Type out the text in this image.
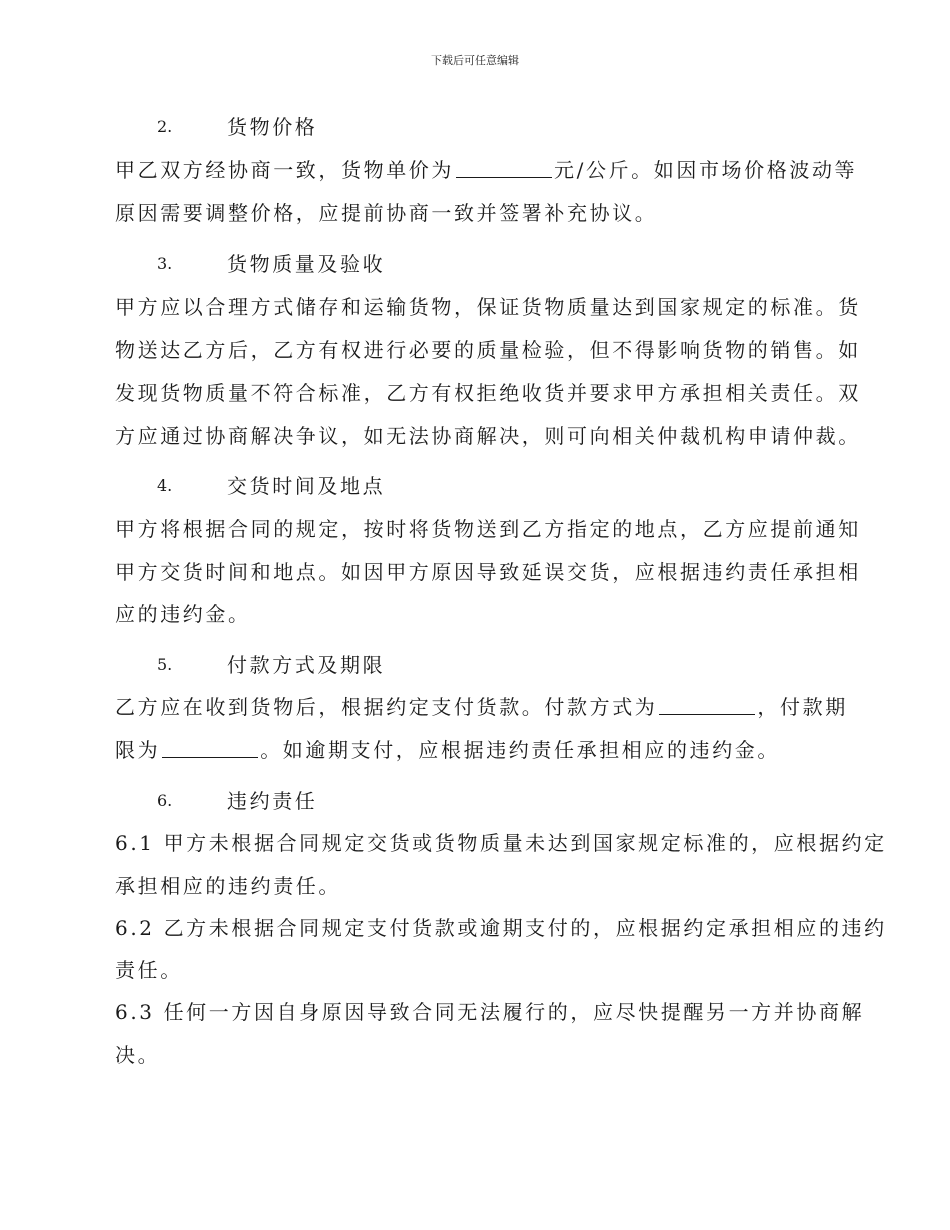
下载后可任意编辑
2.	货物价格
甲乙双方经协商一致，货物单价为	元/公斤。如因市场价格波动等
原因需要调整价格，应提前协商一致并签署补充协议。
3.	货物质量及验收
甲方应以合理方式储存和运输货物，保证货物质量达到国家规定的标准。货
物送达乙方后，乙方有权进行必要的质量检验，但不得影响货物的销售。如
发现货物质量不符合标准，乙方有权拒绝收货并要求甲方承担相关责任。双
方应通过协商解决争议，如无法协商解决，则可向相关仲裁机构申请仲裁。
4.	交货时间及地点
甲方将根据合同的规定，按时将货物送到乙方指定的地点，乙方应提前通知
甲方交货时间和地点。如因甲方原因导致延误交货，应根据违约责任承担相
应的违约金。
5.	付款方式及期限
乙方应在收到货物后，根据约定支付货款。付款方式为	，付款期
限为	。如逾期支付，应根据违约责任承担相应的违约金。
6.	违约责任
6.1 甲方未根据合同规定交货或货物质量未达到国家规定标准的，应根据约定
承担相应的违约责任。
6.2 乙方未根据合同规定支付货款或逾期支付的，应根据约定承担相应的违约
责任。
6.3 任何一方因自身原因导致合同无法履行的，应尽快提醒另一方并协商解
决。
